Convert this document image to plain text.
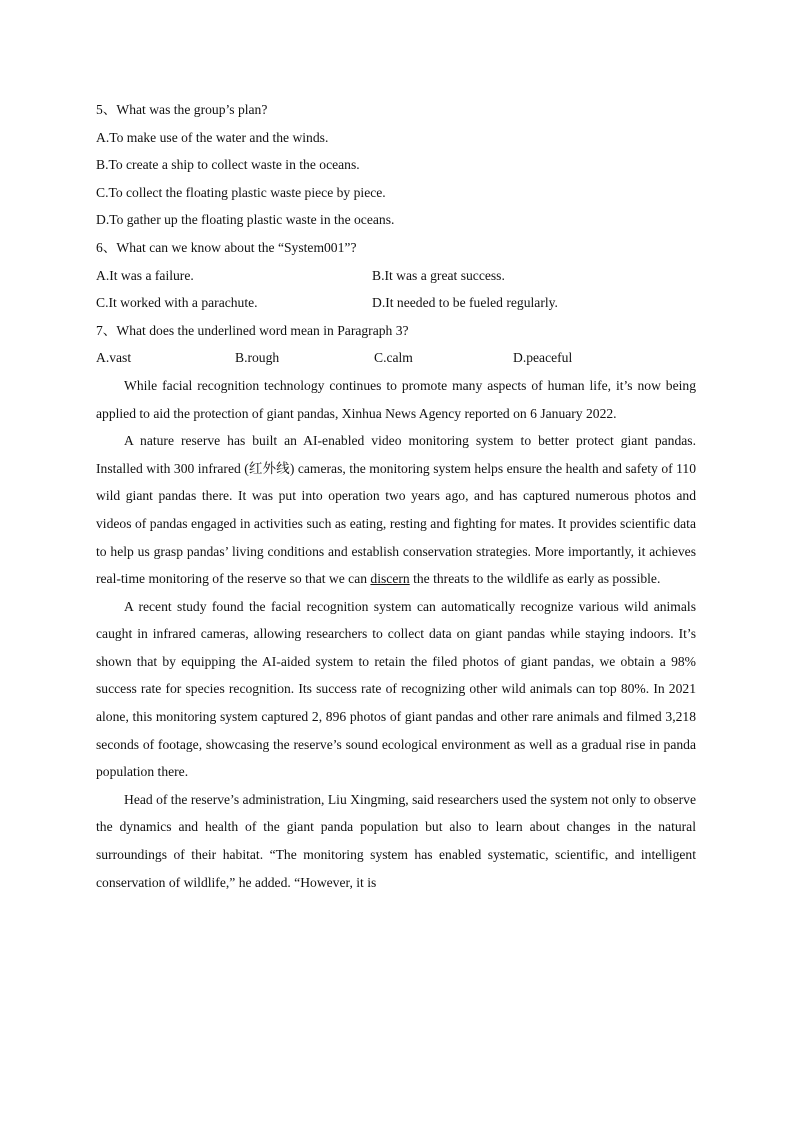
5、What was the group’s plan?
A.To make use of the water and the winds.
B.To create a ship to collect waste in the oceans.
C.To collect the floating plastic waste piece by piece.
D.To gather up the floating plastic waste in the oceans.
6、What can we know about the “System001”?
A.It was a failure.	B.It was a great success.
C.It worked with a parachute.	D.It needed to be fueled regularly.
7、What does the underlined word mean in Paragraph 3?
A.vast	B.rough	C.calm	D.peaceful

While facial recognition technology continues to promote many aspects of human life, it’s now being applied to aid the protection of giant pandas, Xinhua News Agency reported on 6 January 2022.

A nature reserve has built an AI-enabled video monitoring system to better protect giant pandas. Installed with 300 infrared (红外线) cameras, the monitoring system helps ensure the health and safety of 110 wild giant pandas there. It was put into operation two years ago, and has captured numerous photos and videos of pandas engaged in activities such as eating, resting and fighting for mates. It provides scientific data to help us grasp pandas’ living conditions and establish conservation strategies. More importantly, it achieves real-time monitoring of the reserve so that we can discern the threats to the wildlife as early as possible.

A recent study found the facial recognition system can automatically recognize various wild animals caught in infrared cameras, allowing researchers to collect data on giant pandas while staying indoors. It’s shown that by equipping the AI-aided system to retain the filed photos of giant pandas, we obtain a 98% success rate for species recognition. Its success rate of recognizing other wild animals can top 80%. In 2021 alone, this monitoring system captured 2, 896 photos of giant pandas and other rare animals and filmed 3,218 seconds of footage, showcasing the reserve’s sound ecological environment as well as a gradual rise in panda population there.

Head of the reserve’s administration, Liu Xingming, said researchers used the system not only to observe the dynamics and health of the giant panda population but also to learn about changes in the natural surroundings of their habitat. “The monitoring system has enabled systematic, scientific, and intelligent conservation of wildlife,” he added. “However, it is
